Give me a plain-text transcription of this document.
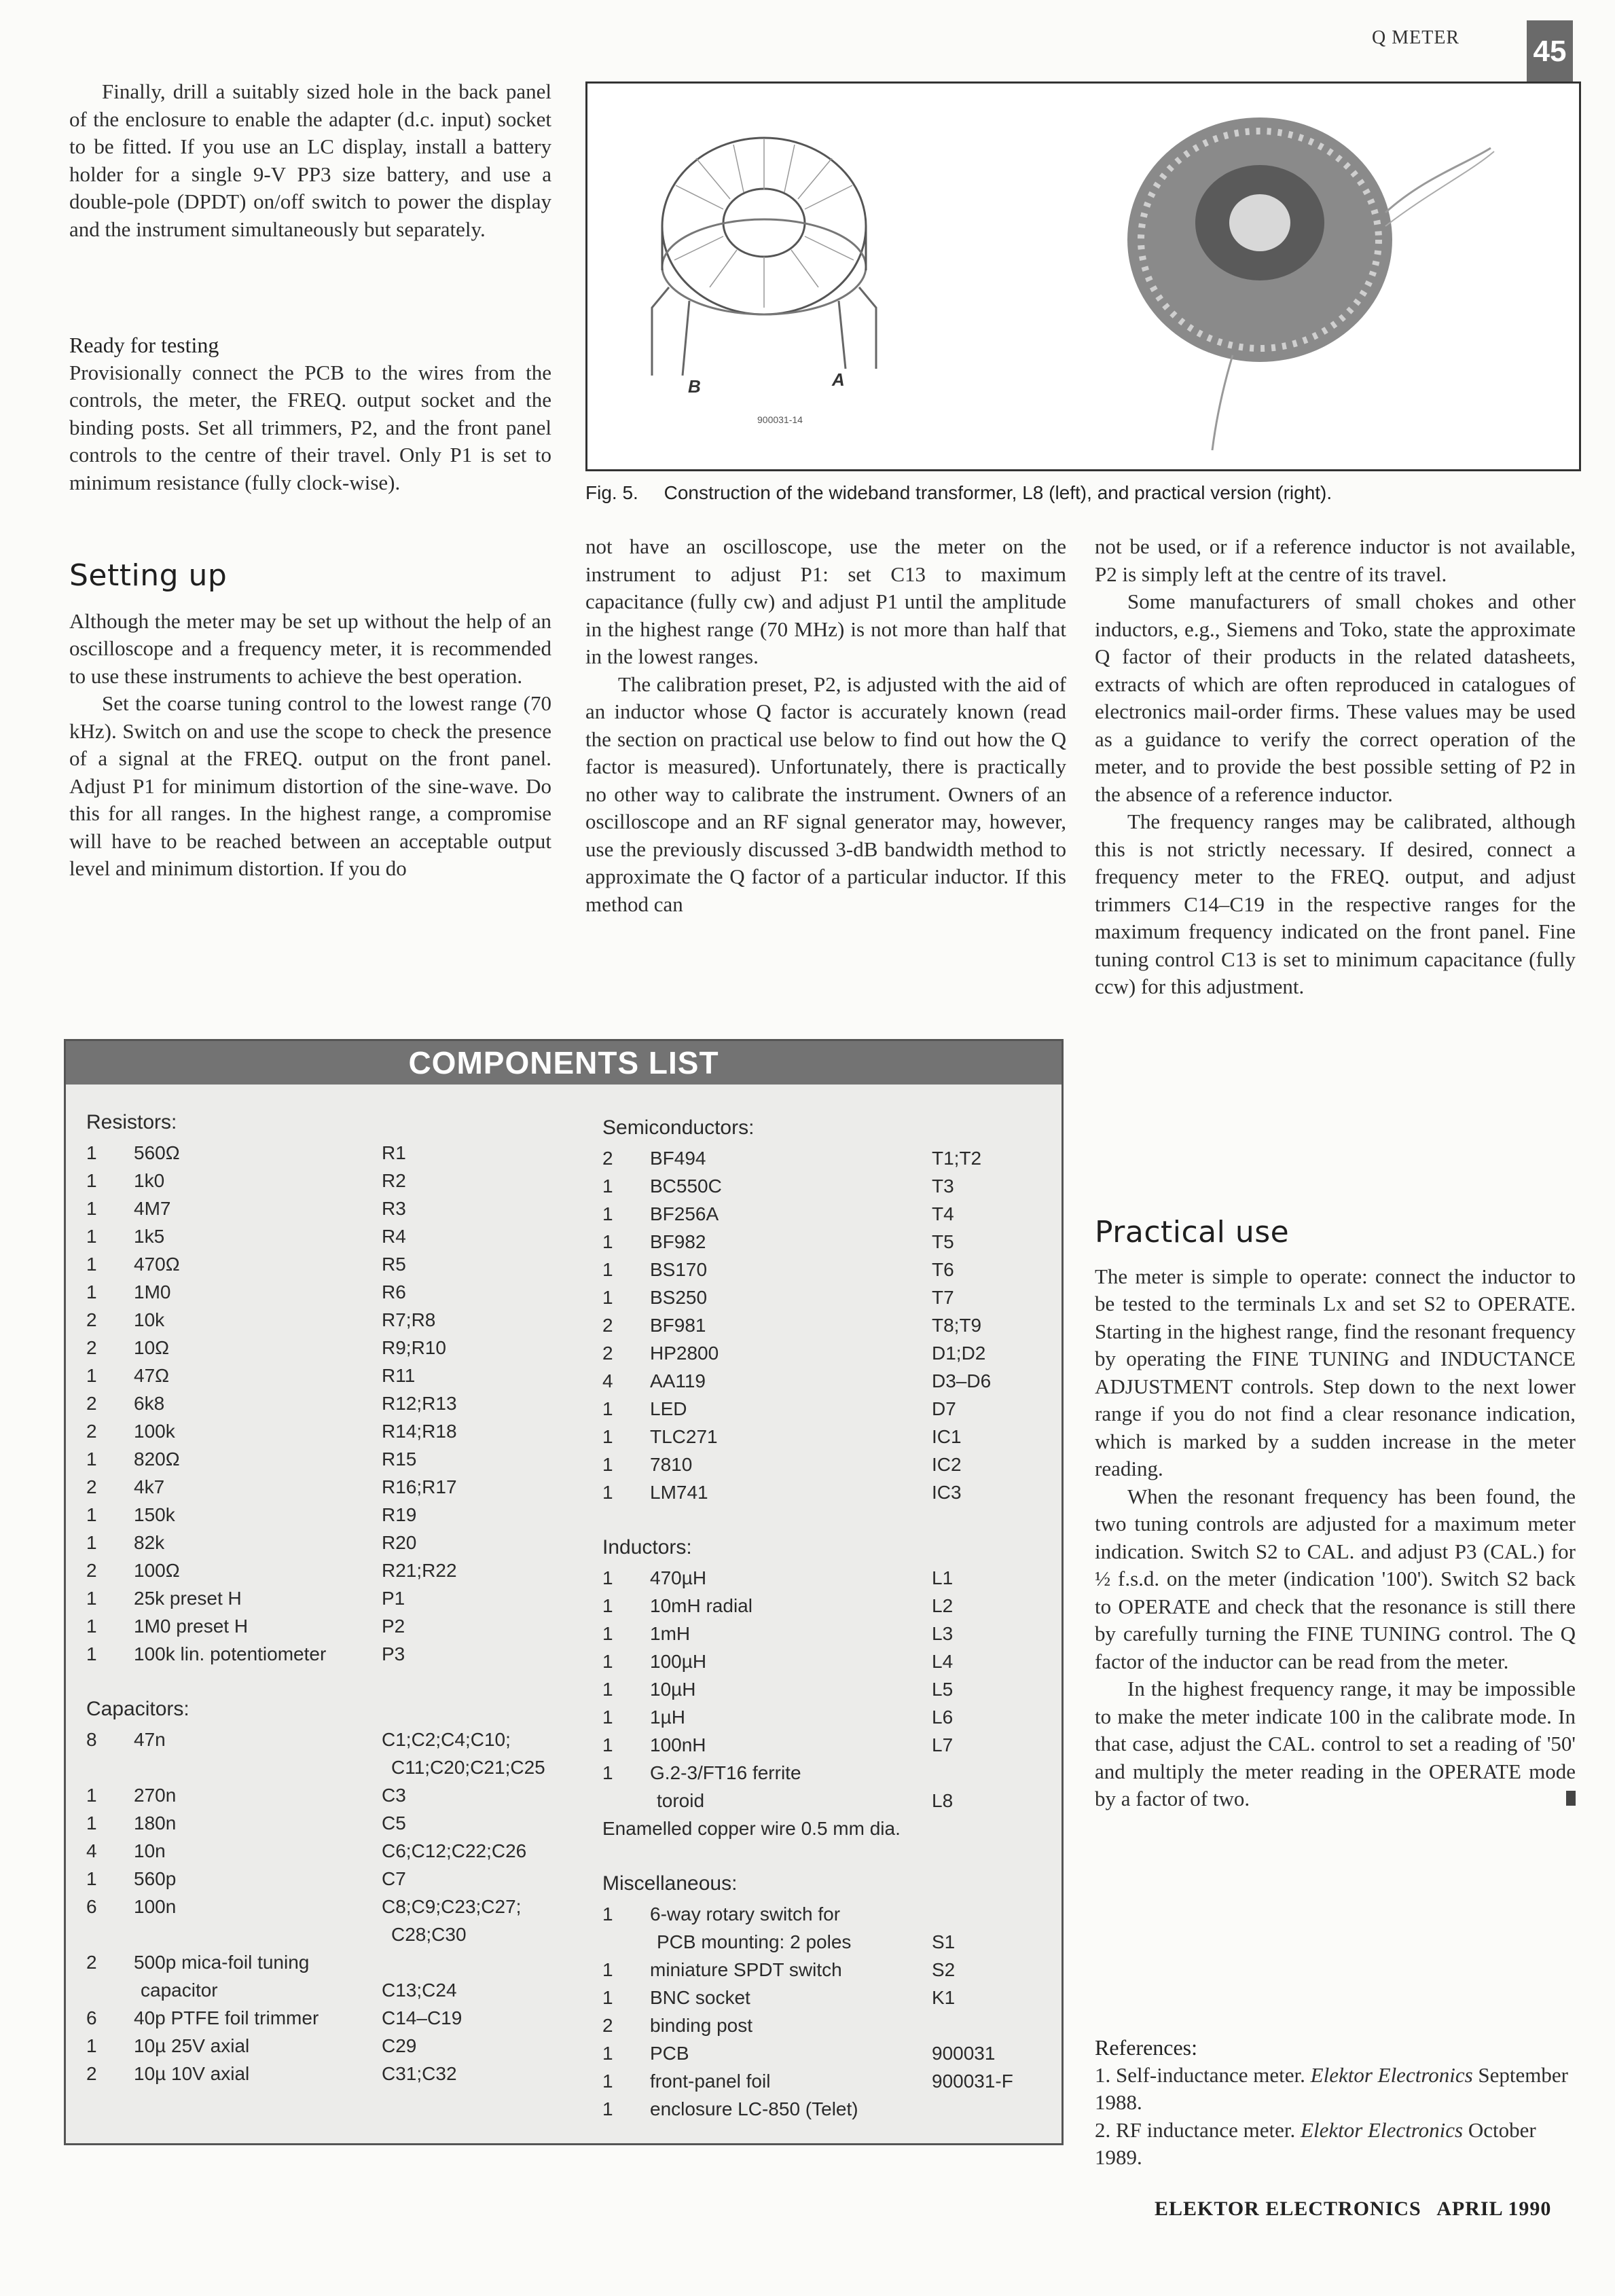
Q METER 45
B	A
900031-14
Fig. 5. Construction of the wideband transformer, L8 (left), and practical version (right).

Finally, drill a suitably sized hole in the back panel of the enclosure to enable the adapter (d.c. input) socket to be fitted. If you use an LC display, install a battery holder for a single 9-V PP3 size battery, and use a double-pole (DPDT) on/off switch to power the display and the instrument simultaneously but separately.

Ready for testing

Provisionally connect the PCB to the wires from the controls, the meter, the FREQ. output socket and the binding posts. Set all trimmers, P2, and the front panel controls to the centre of their travel. Only P1 is set to minimum resistance (fully clock-wise).

Setting up

Although the meter may be set up without the help of an oscilloscope and a frequency meter, it is recommended to use these instruments to achieve the best operation.

Set the coarse tuning control to the lowest range (70 kHz). Switch on and use the scope to check the presence of a signal at the FREQ. output on the front panel. Adjust P1 for minimum distortion of the sine-wave. Do this for all ranges. In the highest range, a compromise will have to be reached between an acceptable output level and minimum distortion. If you do

not have an oscilloscope, use the meter on the instrument to adjust P1: set C13 to maximum capacitance (fully cw) and adjust P1 until the amplitude in the highest range (70 MHz) is not more than half that in the lowest ranges.

The calibration preset, P2, is adjusted with the aid of an inductor whose Q factor is accurately known (read the section on practical use below to find out how the Q factor is measured). Unfortunately, there is practically no other way to calibrate the instrument. Owners of an oscilloscope and an RF signal generator may, however, use the previously discussed 3-dB bandwidth method to approximate the Q factor of a particular inductor. If this method can

not be used, or if a reference inductor is not available, P2 is simply left at the centre of its travel.

Some manufacturers of small chokes and other inductors, e.g., Siemens and Toko, state the approximate Q factor of their products in the related datasheets, extracts of which are often reproduced in catalogues of electronics mail-order firms. These values may be used as a guidance to verify the correct operation of the meter, and to provide the best possible setting of P2 in the absence of a reference inductor.

The frequency ranges may be calibrated, although this is not strictly necessary. If desired, connect a frequency meter to the FREQ. output, and adjust trimmers C14–C19 in the respective ranges for the maximum frequency indicated on the front panel. Fine tuning control C13 is set to minimum capacitance (fully ccw) for this adjustment.

Practical use

The meter is simple to operate: connect the inductor to be tested to the terminals Lx and set S2 to OPERATE. Starting in the highest range, find the resonant frequency by operating the FINE TUNING and INDUCTANCE ADJUSTMENT controls. Step down to the next lower range if you do not find a clear resonance indication, which is marked by a sudden increase in the meter reading.

When the resonant frequency has been found, the two tuning controls are adjusted for a maximum meter indication. Switch S2 to CAL. and adjust P3 (CAL.) for ½ f.s.d. on the meter (indication '100'). Switch S2 back to OPERATE and check that the resonance is still there by carefully turning the FINE TUNING control. The Q factor of the inductor can be read from the meter.

In the highest frequency range, it may be impossible to make the meter indicate 100 in the calibrate mode. In that case, adjust the CAL. control to set a reading of '50' and multiply the meter reading in the OPERATE mode by a factor of two.

References:
1. Self-inductance meter. Elektor Electronics September 1988.
2. RF inductance meter. Elektor Electronics October 1989.
COMPONENTS LIST
Resistors:
1	560Ω	R1
1	1k0	R2
1	4M7	R3
1	1k5	R4
1	470Ω	R5
1	1M0	R6
2	10k	R7;R8
2	10Ω	R9;R10
1	47Ω	R11
2	6k8	R12;R13
2	100k	R14;R18
1	820Ω	R15
2	4k7	R16;R17
1	150k	R19
1	82k	R20
2	100Ω	R21;R22
1	25k preset H	P1
1	1M0 preset H	P2
1	100k lin. potentiometer	P3
Capacitors:
8	47n	C1;C2;C4;C10;
C11;C20;C21;C25
1	270n	C3
1	180n	C5
4	10n	C6;C12;C22;C26
1	560p	C7
6	100n	C8;C9;C23;C27;
C28;C30
2	500p mica-foil tuning
capacitor	C13;C24
6	40p PTFE foil trimmer	C14–C19
1	10µ 25V axial	C29
2	10µ 10V axial	C31;C32
Semiconductors:
2	BF494	T1;T2
1	BC550C	T3
1	BF256A	T4
1	BF982	T5
1	BS170	T6
1	BS250	T7
2	BF981	T8;T9
2	HP2800	D1;D2
4	AA119	D3–D6
1	LED	D7
1	TLC271	IC1
1	7810	IC2
1	LM741	IC3
Inductors:
1	470µH	L1
1	10mH radial	L2
1	1mH	L3
1	100µH	L4
1	10µH	L5
1	1µH	L6
1	100nH	L7
1	G.2-3/FT16 ferrite
toroid	L8
Enamelled copper wire 0.5 mm dia.
Miscellaneous:
1	6-way rotary switch for
PCB mounting: 2 poles	S1
1	miniature SPDT switch	S2
1	BNC socket	K1
2	binding post
1	PCB	900031
1	front-panel foil	900031-F
1	enclosure LC-850 (Telet)
ELEKTOR ELECTRONICS APRIL 1990
